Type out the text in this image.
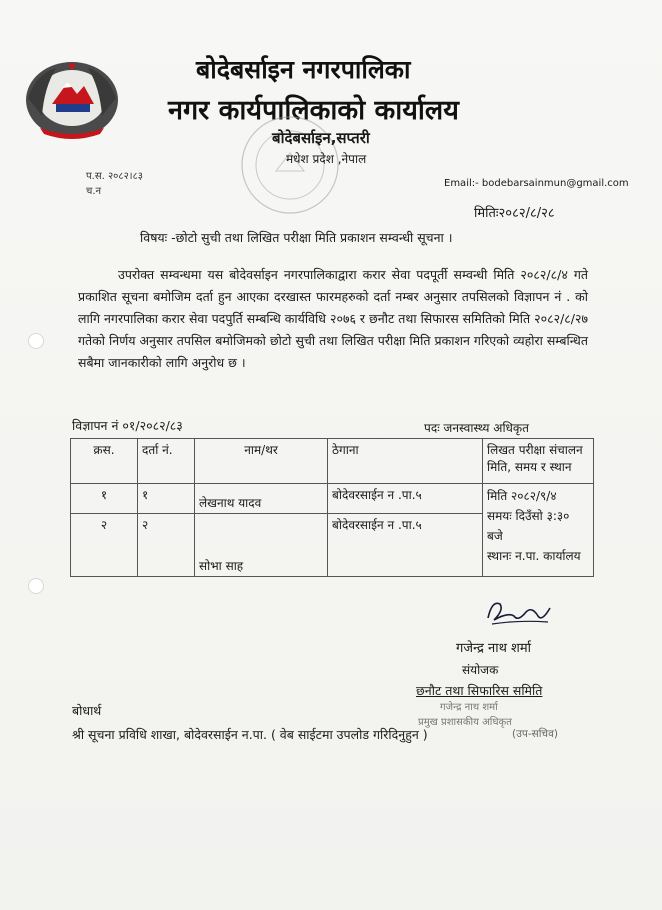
बोदेबर्साइन नगरपालिका
नगर कार्यपालिकाको कार्यालय
बोदेबर्साइन,सप्तरी
मधेश प्रदेश ,नेपाल
प.स. २०८२।८३
च.न
Email:- bodebarsainmun@gmail.com
मितिः२०८२/८/२८
विषयः -छोटो सुची तथा लिखित परीक्षा मिति प्रकाशन सम्वन्धी सूचना ।
उपरोक्त सम्वन्धमा यस बोदेवर्साइन नगरपालिकाद्वारा करार सेवा पदपूर्ती सम्वन्धी मिति २०८२/८/४ गते प्रकाशित सूचना बमोजिम दर्ता हुन आएका दरखास्त फारमहरुको दर्ता नम्बर अनुसार तपसिलको विज्ञापन नं . को लागि नगरपालिका करार सेवा पदपुर्ति सम्बन्धि कार्यविधि २०७६ र छनौट तथा सिफारस समितिको मिति २०८२/८/२७ गतेको निर्णय अनुसार तपसिल बमोजिमको छोटो सुची तथा लिखित परीक्षा मिति प्रकाशन गरिएको व्यहोरा सम्बन्धित सबैमा जानकारीको लागि अनुरोध छ ।
विज्ञापन नं ०१/२०८२/८३	पदः जनस्वास्थ्य अधिकृत
क्रस.	दर्ता नं.	नाम/थर	ठेगाना	लिखत परीक्षा संचालन मिति, समय र स्थान
१	१	लेखनाथ यादव	बोदेवरसाईन न .पा.५	मिति २०८२/९/४
समयः दिउँसो ३:३०
बजे
स्थानः न.पा. कार्यालय

२	२	सोभा साह	बोदेवरसाईन न .पा.५	
गजेन्द्र नाथ शर्मा
संयोजक
छनौट तथा सिफारिस समिति
गजेन्द्र नाथ शर्मा
प्रमुख प्रशासकीय अधिकृत
बोधार्थ
श्री सूचना प्रविधि शाखा, बोदेवरसाईन न.पा. ( वेब साईटमा उपलोड गरिदिनुहुन )	(उप-सचिव)
